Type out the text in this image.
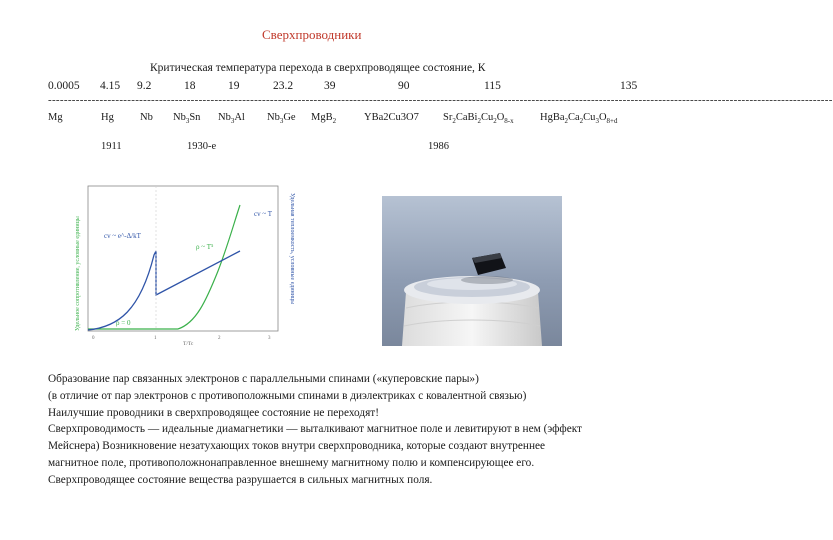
Сверхпроводники
Критическая температура перехода в сверхпроводящее состояние, К
0.0005 4.15 9.2	18	19	23.2	39	90	115	135
------------------------------------------------------------------------------------------------------------------------------------------------------------------------------------------------------
Mg	Hg Nb $Nb_3Sn$ $Nb_3Al$ $Nb_3Ge$ MgB$_2$	YBa2Cu3O7 $Sr_2CaBi_2Cu_2O_{8-x}$	$HgBa_2Ca_2Cu_3O_{8+d}$
1911	1930-е	1986
Удельное сопротивление, условные единицы	Удельная теплоемкость, условные единицы
cv ~ e^-Δ/kT
cv ~ T
ρ ~ T⁵
ρ = 0
0	1	2	3
T/Tc
Образование пар связанных электронов с параллельными спинами («куперовские пары»)
(в отличие от пар электронов с противоположными спинами в диэлектриках с ковалентной связью)
Наилучшие проводники в сверхпроводящее состояние не переходят!
Сверхпроводимость — идеальные диамагнетики — выталкивают магнитное поле и левитируют в нем (эффект
Мейснера) Возникновение незатухающих токов внутри сверхпроводника, которые создают внутреннее
магнитное поле, противоположнонаправленное внешнему магнитному полю и компенсирующее его.
Сверхпроводящее состояние вещества разрушается в сильных магнитных поля.
